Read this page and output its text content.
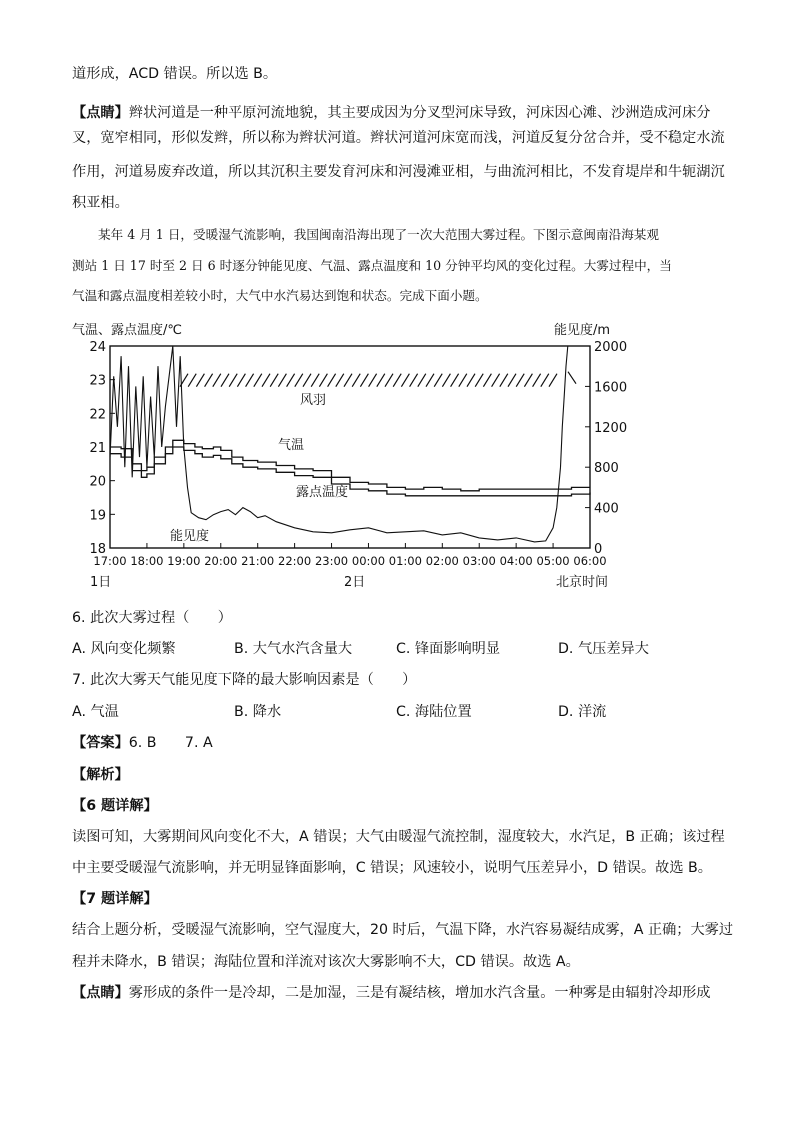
道形成，ACD 错误。所以选 B。
【点睛】辫状河道是一种平原河流地貌，其主要成因为分叉型河床导致，河床因心滩、沙洲造成河床分
叉，宽窄相同，形似发辫，所以称为辫状河道。辫状河道河床宽而浅，河道反复分岔合并，受不稳定水流
作用，河道易废弃改道，所以其沉积主要发育河床和河漫滩亚相，与曲流河相比，不发育堤岸和牛轭湖沉
积亚相。
某年 4 月 1 日，受暖湿气流影响，我国闽南沿海出现了一次大范围大雾过程。下图示意闽南沿海某观
测站 1 日 17 时至 2 日 6 时逐分钟能见度、气温、露点温度和 10 分钟平均风的变化过程。大雾过程中，当
气温和露点温度相差较小时，大气中水汽易达到饱和状态。完成下面小题。
气温、露点温度/℃	能见度/m
18
19
20
21
22
23
24
0
400
800
1200
1600
2000
17:00 18:00 19:00 20:00 21:00 22:00 23:00 00:00 01:00 02:00 03:00 04:00 05:00 06:00
风羽
气温
露点温度
能见度
1日	2日	北京时间
6. 此次大雾过程（　　）
A. 风向变化频繁	B. 大气水汽含量大	C. 锋面影响明显	D. 气压差异大
7. 此次大雾天气能见度下降的最大影响因素是（　　）
A. 气温	B. 降水	C. 海陆位置	D. 洋流
【答案】6. B　　7. A
【解析】
【6 题详解】
读图可知，大雾期间风向变化不大，A 错误；大气由暖湿气流控制，湿度较大，水汽足，B 正确；该过程
中主要受暖湿气流影响，并无明显锋面影响，C 错误；风速较小，说明气压差异小，D 错误。故选 B。
【7 题详解】
结合上题分析，受暖湿气流影响，空气湿度大，20 时后，气温下降，水汽容易凝结成雾，A 正确；大雾过
程并未降水，B 错误；海陆位置和洋流对该次大雾影响不大，CD 错误。故选 A。
【点睛】雾形成的条件一是冷却，二是加湿，三是有凝结核，增加水汽含量。一种雾是由辐射冷却形成
